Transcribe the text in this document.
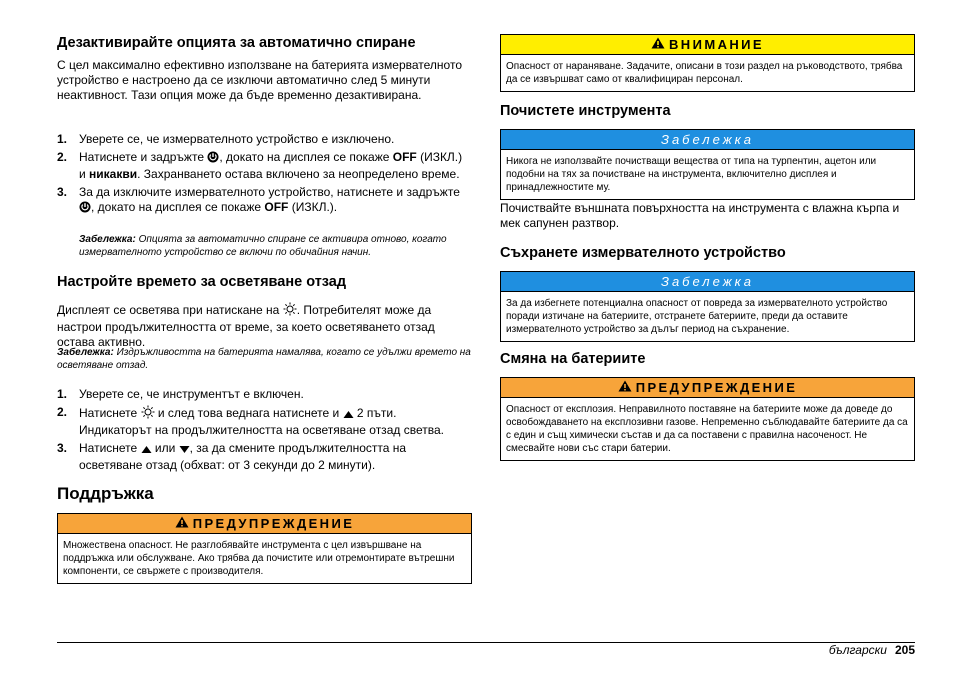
Дезактивирайте опцията за автоматично спиране
С цел максимално ефективно използване на батерията измервателното устройство е настроено да се изключи автоматично след 5 минути неактивност. Тази опция може да бъде временно дезактивирана.
1. Уверете се, че измервателното устройство е изключено.
2. Натиснете и задръжте , докато на дисплея се покаже OFF (ИЗКЛ.) и никакви. Захранването остава включено за неопределено време.
3. За да изключите измервателното устройство, натиснете и задръжте , докато на дисплея се покаже OFF (ИЗКЛ.).
Забележка: Опцията за автоматично спиране се активира отново, когато измервателното устройство се включи по обичайния начин.
Настройте времето за осветяване отзад
Дисплеят се осветява при натискане на . Потребителят може да настрои продължителността от време, за което осветяването отзад остава активно.
Забележка: Издръжливостта на батерията намалява, когато се удължи времето на осветяване отзад.
1. Уверете се, че инструментът е включен.
2. Натиснете  и след това веднага натиснете и  2 пъти. Индикаторът на продължителността на осветяване отзад светва.
3. Натиснете  или , за да смените продължителността на осветяване отзад (обхват: от 3 секунди до 2 минути).
Поддръжка
ПРЕДУПРЕЖДЕНИЕ
Множествена опасност. Не разглобявайте инструмента с цел извършване на поддръжка или обслужване. Ако трябва да почистите или отремонтирате вътрешни компоненти, се свържете с производителя.
ВНИМАНИЕ
Опасност от нараняване. Задачите, описани в този раздел на ръководството, трябва да се извършват само от квалифициран персонал.
Почистете инструмента
Забележка
Никога не използвайте почистващи вещества от типа на турпентин, ацетон или подобни на тях за почистване на инструмента, включително дисплея и принадлежностите му.
Почиствайте външната повърхността на инструмента с влажна кърпа и мек сапунен разтвор.
Съхранете измервателното устройство
Забележка
За да избегнете потенциална опасност от повреда за измервателното устройство поради изтичане на батериите, отстранете батериите, преди да оставите измервателното устройство за дълъг период на съхранение.
Смяна на батериите
ПРЕДУПРЕЖДЕНИЕ
Опасност от експлозия. Неправилното поставяне на батериите може да доведе до освобождаването на експлозивни газове. Непременно съблюдавайте батериите да са с един и същ химически състав и да са поставени с правилна насоченост. Не смесвайте нови със стари батерии.
български 205
